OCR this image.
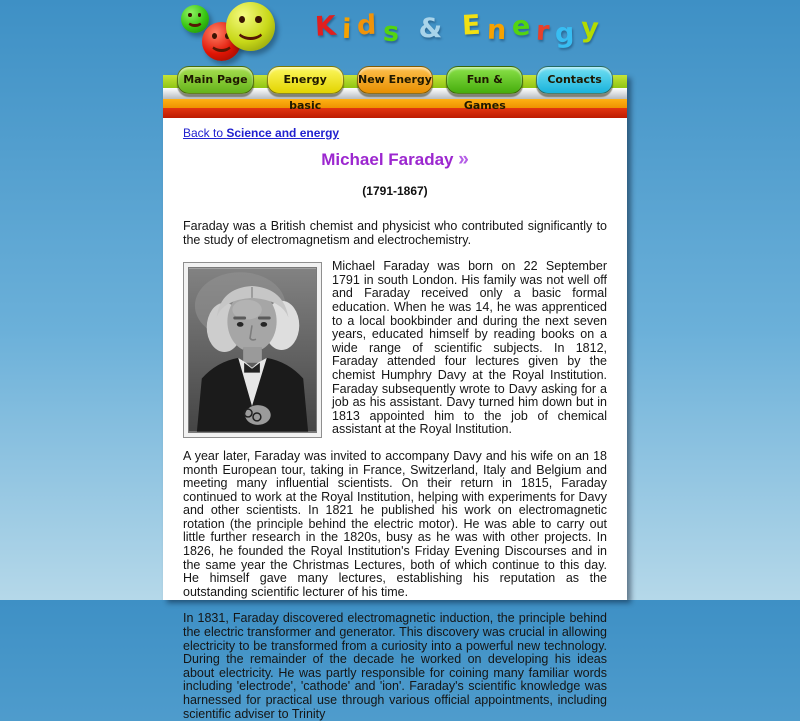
Kids & Energy
Main Page	Energy basic
New Energy	Fun & Games
Contacts
Back to Science and energy
Michael Faraday »
(1791-1867)

Faraday was a British chemist and physicist who contributed significantly to the study of electromagnetism and electrochemistry.

Michael Faraday was born on 22 September 1791 in south London. His family was not well off and Faraday received only a basic formal education. When he was 14, he was apprenticed to a local bookbinder and during the next seven years, educated himself by reading books on a wide range of scientific subjects. In 1812, Faraday attended four lectures given by the chemist Humphry Davy at the Royal Institution. Faraday subsequently wrote to Davy asking for a job as his assistant. Davy turned him down but in 1813 appointed him to the job of chemical assistant at the Royal Institution.

A year later, Faraday was invited to accompany Davy and his wife on an 18 month European tour, taking in France, Switzerland, Italy and Belgium and meeting many influential scientists. On their return in 1815, Faraday continued to work at the Royal Institution, helping with experiments for Davy and other scientists. In 1821 he published his work on electromagnetic rotation (the principle behind the electric motor). He was able to carry out little further research in the 1820s, busy as he was with other projects. In 1826, he founded the Royal Institution's Friday Evening Discourses and in the same year the Christmas Lectures, both of which continue to this day. He himself gave many lectures, establishing his reputation as the outstanding scientific lecturer of his time.

In 1831, Faraday discovered electromagnetic induction, the principle behind the electric transformer and generator. This discovery was crucial in allowing electricity to be transformed from a curiosity into a powerful new technology. During the remainder of the decade he worked on developing his ideas about electricity. He was partly responsible for coining many familiar words including 'electrode', 'cathode' and 'ion'. Faraday's scientific knowledge was harnessed for practical use through various official appointments, including scientific adviser to Trinity
